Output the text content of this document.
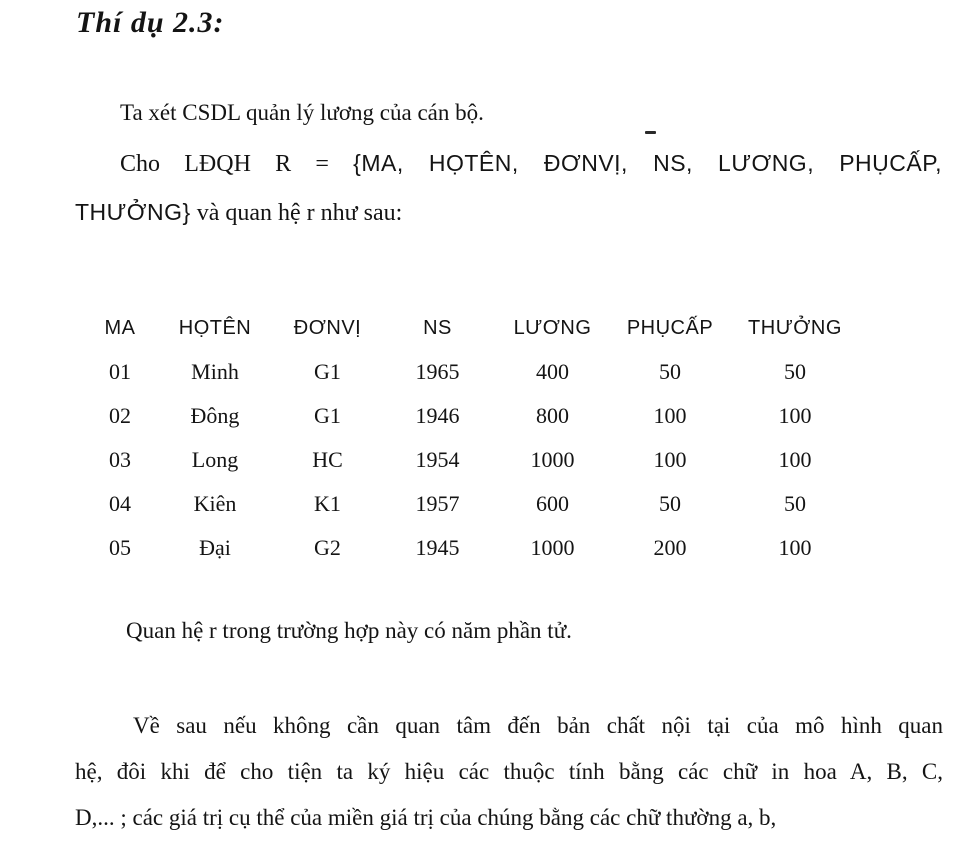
Thí dụ 2.3:

Ta xét CSDL quản lý lương của cán bộ.

Cho LĐQH R = {MA, HỌTÊN, ĐƠNVỊ, NS, LƯƠNG, PHỤCẤP,
THƯỞNG} và quan hệ r như sau:
MA	HỌTÊN	ĐƠNVỊ	NS	LƯƠNG	PHỤCẤP	THƯỞNG
01	Minh	G1	1965	400	50	50
02	Đông	G1	1946	800	100	100
03	Long	HC	1954	1000	100	100
04	Kiên	K1	1957	600	50	50
05	Đại	G2	1945	1000	200	100

Quan hệ r trong trường hợp này có năm phần tử.

Về sau nếu không cần quan tâm đến bản chất nội tại của mô hình quan
hệ, đôi khi để cho tiện ta ký hiệu các thuộc tính bằng các chữ in hoa A, B, C,
D,... ; các giá trị cụ thể của miền giá trị của chúng bằng các chữ thường a, b,
